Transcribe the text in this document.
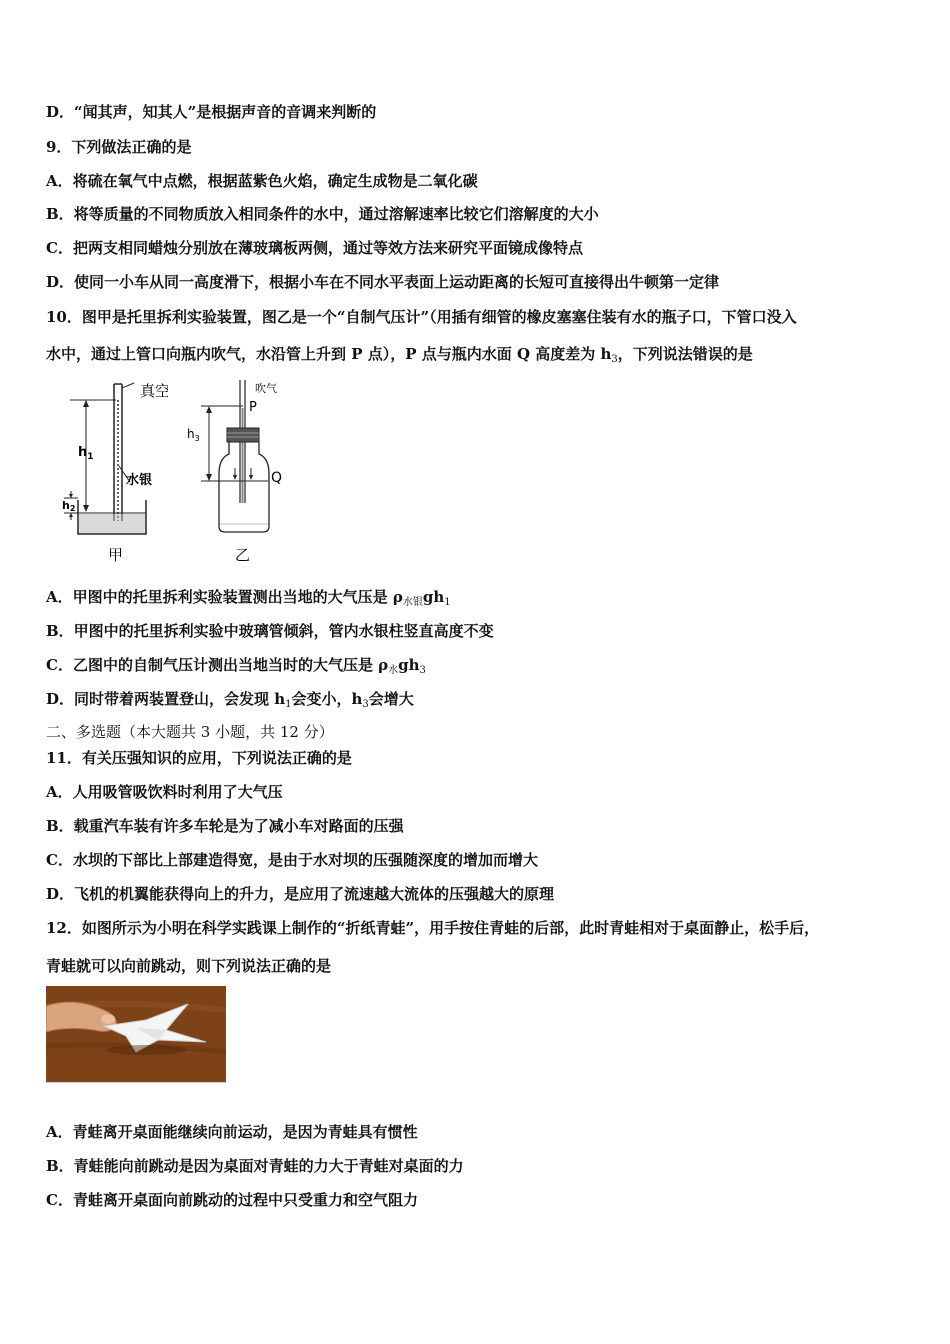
D．“闻其声，知其人”是根据声音的音调来判断的
9．下列做法正确的是
A．将硫在氧气中点燃，根据蓝紫色火焰，确定生成物是二氧化碳
B．将等质量的不同物质放入相同条件的水中，通过溶解速率比较它们溶解度的大小
C．把两支相同蜡烛分别放在薄玻璃板两侧，通过等效方法来研究平面镜成像特点
D．使同一小车从同一高度滑下，根据小车在不同水平表面上运动距离的长短可直接得出牛顿第一定律
10．图甲是托里拆利实验装置，图乙是一个“自制气压计”（用插有细管的橡皮塞塞住装有水的瓶子口，下管口没入
水中，通过上管口向瓶内吹气，水沿管上升到 P 点），P 点与瓶内水面 Q 高度差为 $h_3$，下列说法错误的是
真空
$h_1$
h2
水银
甲
吹气
P
$h_3$
Q
乙
A．甲图中的托里拆利实验装置测出当地的大气压是 $\rho_{水银}gh_1$
B．甲图中的托里拆利实验中玻璃管倾斜，管内水银柱竖直高度不变
C．乙图中的自制气压计测出当地当时的大气压是 $\rho_水gh_3$
D．同时带着两装置登山，会发现 $h_1$会变小，$h_3$会增大
二、多选题（本大题共 3 小题，共 12 分）
11．有关压强知识的应用，下列说法正确的是
A．人用吸管吸饮料时利用了大气压
B．载重汽车装有许多车轮是为了减小车对路面的压强
C．水坝的下部比上部建造得宽，是由于水对坝的压强随深度的增加而增大
D．飞机的机翼能获得向上的升力，是应用了流速越大流体的压强越大的原理
12．如图所示为小明在科学实践课上制作的“折纸青蛙”，用手按住青蛙的后部，此时青蛙相对于桌面静止，松手后，
青蛙就可以向前跳动，则下列说法正确的是
A．青蛙离开桌面能继续向前运动，是因为青蛙具有惯性
B．青蛙能向前跳动是因为桌面对青蛙的力大于青蛙对桌面的力
C．青蛙离开桌面向前跳动的过程中只受重力和空气阻力
